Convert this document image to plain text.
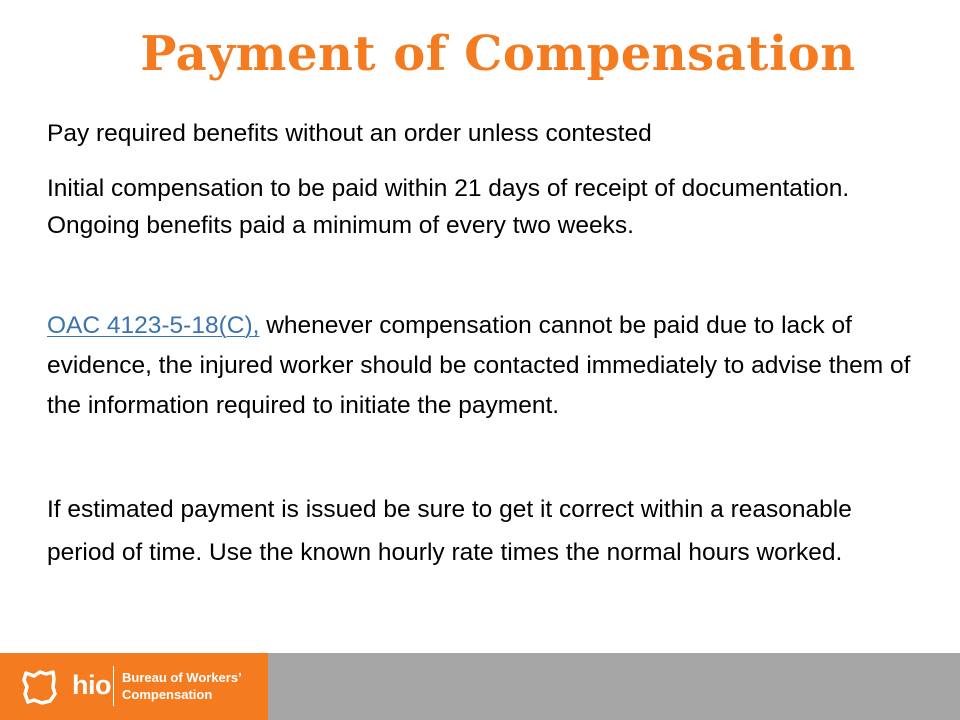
Payment of Compensation

Pay required benefits without an order unless contested

Initial compensation to be paid within 21 days of receipt of documentation. Ongoing benefits paid a minimum of every two weeks.

OAC 4123-5-18(C), whenever compensation cannot be paid due to lack of evidence, the injured worker should be contacted immediately to advise them of the information required to initiate the payment.

If estimated payment is issued be sure to get it correct within a reasonable period of time. Use the known hourly rate times the normal hours worked.

hio Bureau of Workers’
Compensation
